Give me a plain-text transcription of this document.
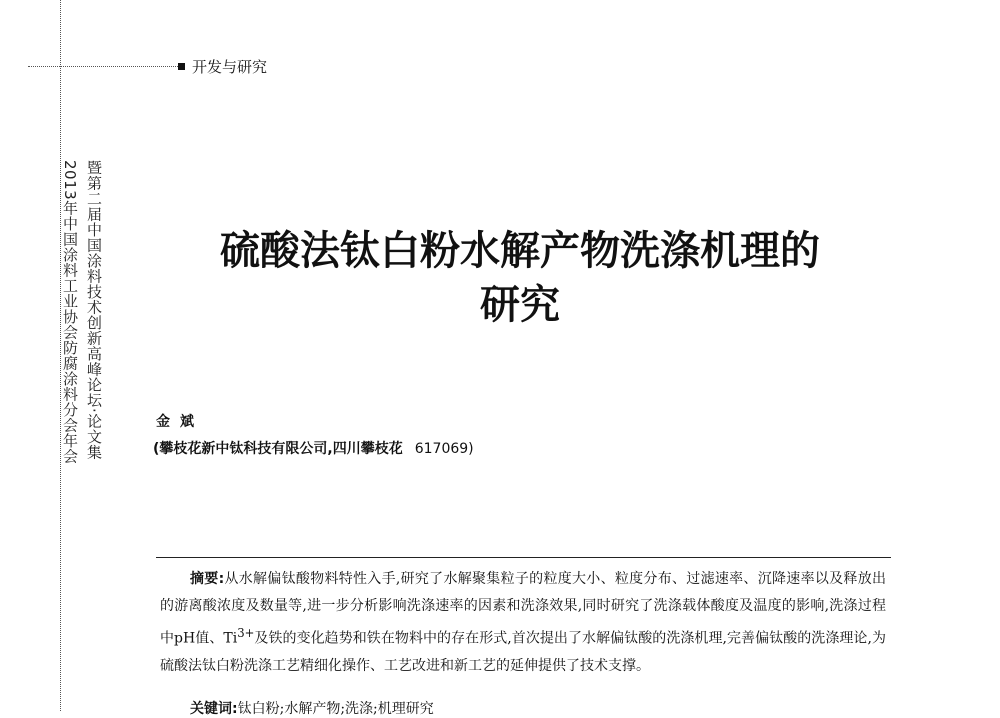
开发与研究
暨第二届中国涂料技术创新高峰论坛·论文集
2013年中国涂料工业协会防腐涂料分会年会	硫酸法钛白粉水解产物洗涤机理的
研究
金斌
(攀枝花新中钛科技有限公司,四川攀枝花 617069)
摘要:从水解偏钛酸物料特性入手,研究了水解聚集粒子的粒度大小、粒度分布、过滤速率、沉降速率以及释放出的游离酸浓度及数量等,进一步分析影响洗涤速率的因素和洗涤效果,同时研究了洗涤载体酸度及温度的影响,洗涤过程中pH值、$Ti^{3+}$及铁的变化趋势和铁在物料中的存在形式,首次提出了水解偏钛酸的洗涤机理,完善偏钛酸的洗涤理论,为硫酸法钛白粉洗涤工艺精细化操作、工艺改进和新工艺的延伸提供了技术支撑。
关键词:钛白粉;水解产物;洗涤;机理研究
